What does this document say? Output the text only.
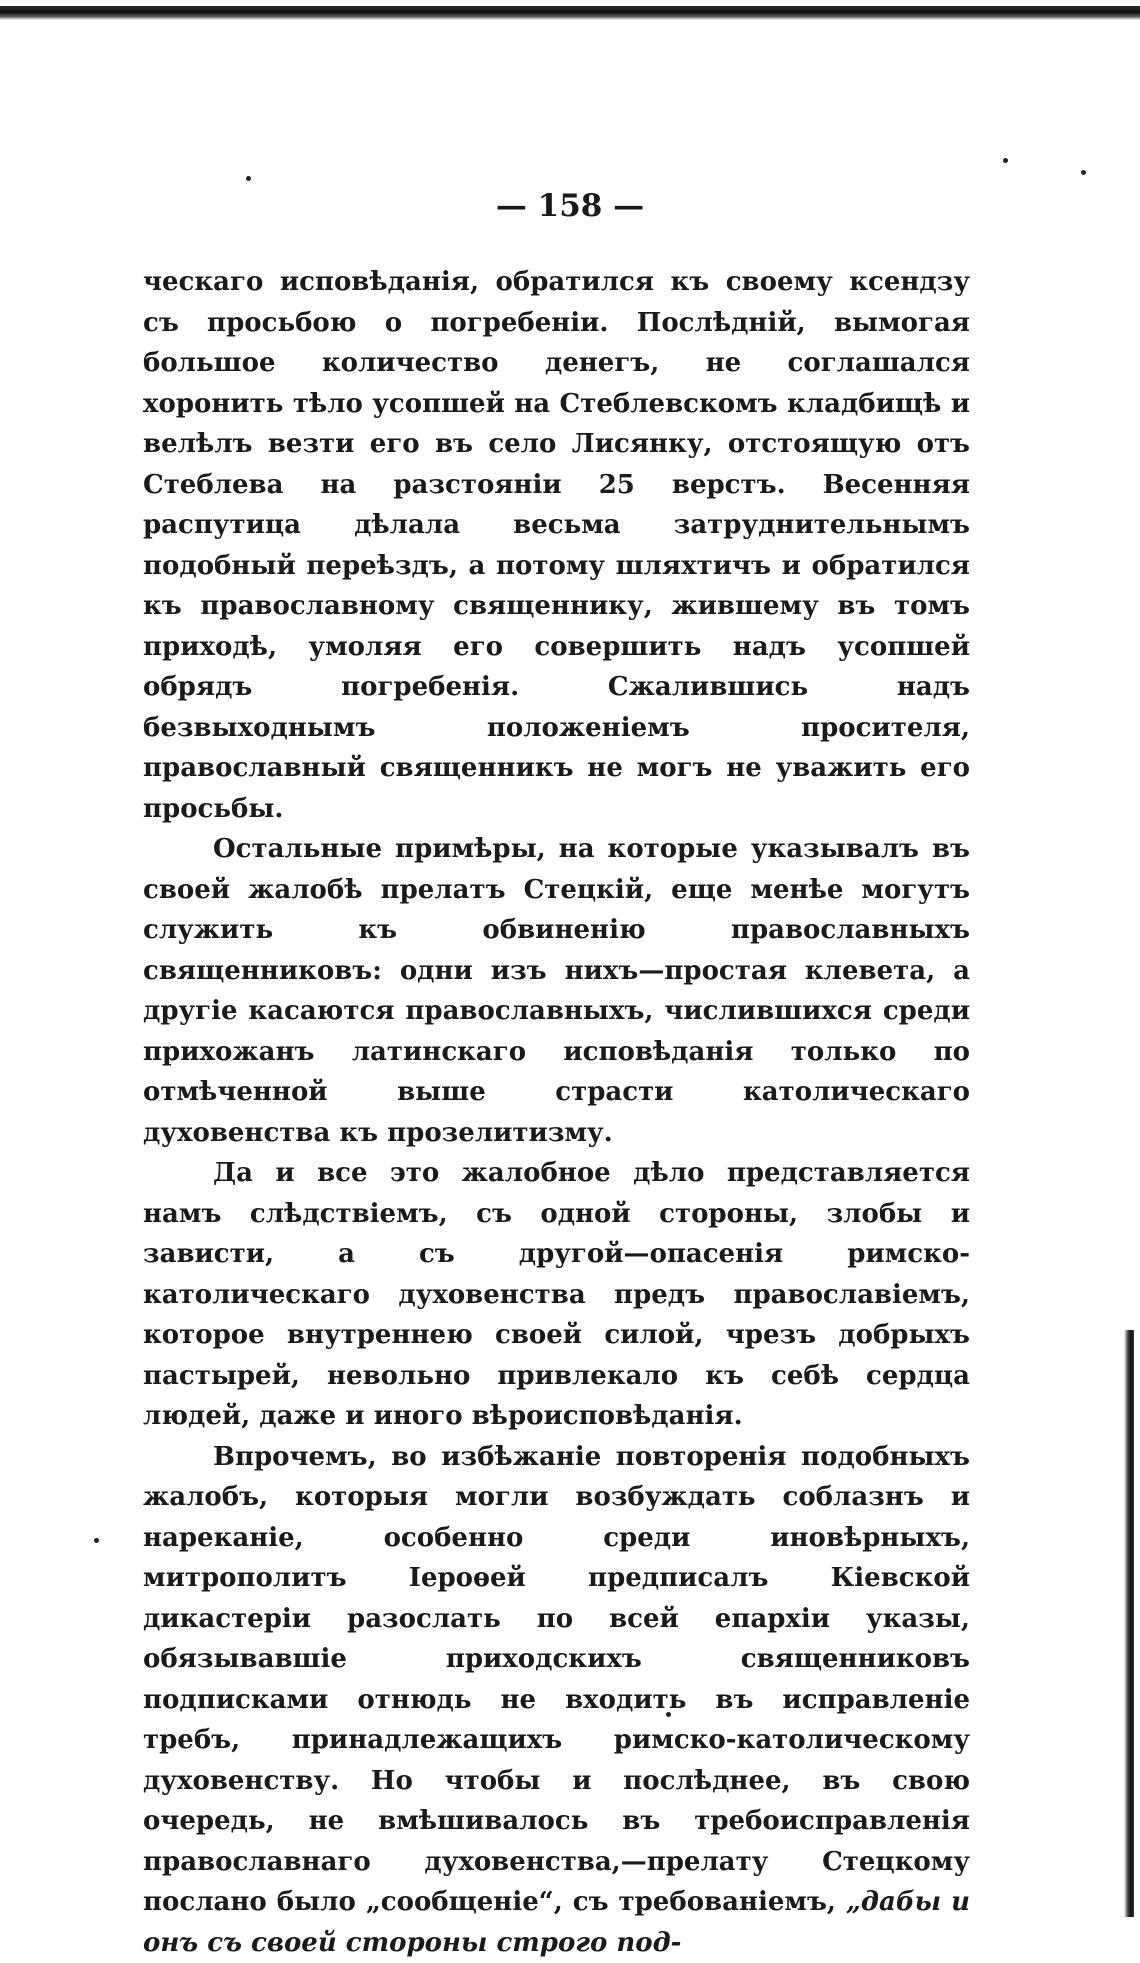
— 158 —

ческаго исповѣданія, обратился къ своему ксендзу съ просьбою о погребеніи. Послѣдній, вымогая большое количество денегъ, не соглашался хоронить тѣло усопшей на Стеблевскомъ кладбищѣ и велѣлъ везти его въ село Лисянку, отстоящую отъ Стеблева на разстояніи 25 верстъ. Весенняя распутица дѣлала весьма затруднительнымъ подобный переѣздъ, а потому шляхтичъ и обратился къ православному священнику, жившему въ томъ приходѣ, умоляя его совершить надъ усопшей обрядъ погребенія. Сжалившись надъ безвыходнымъ положеніемъ просителя, православный священникъ не могъ не уважить его просьбы.

Остальные примѣры, на которые указывалъ въ своей жалобѣ прелатъ Стецкій, еще менѣе могутъ служить къ обвиненію православныхъ священниковъ: одни изъ нихъ—простая клевета, а другіе касаются православныхъ, числившихся среди прихожанъ латинскаго исповѣданія только по отмѣченной выше страсти католическаго духовенства къ прозелитизму.

Да и все это жалобное дѣло представляется намъ слѣдствіемъ, съ одной стороны, злобы и зависти, а съ другой—опасенія римско-католическаго духовенства предъ православіемъ, которое внутреннею своей силой, чрезъ добрыхъ пастырей, невольно привлекало къ себѣ сердца людей, даже и иного вѣроисповѣданія.

Впрочемъ, во избѣжаніе повторенія подобныхъ жалобъ, которыя могли возбуждать соблазнъ и нареканіе, особенно среди иновѣрныхъ, митрополитъ Іероѳей предписалъ Кіевской дикастеріи разослать по всей епархіи указы, обязывавшіе приходскихъ священниковъ подписками отнюдь не входить въ исправленіе требъ, принадлежащихъ римско-католическому духовенству. Но чтобы и послѣднее, въ свою очередь, не вмѣшивалось въ требоисправленія православнаго духовенства,—прелату Стецкому послано было „сообщеніе“, съ требованіемъ, „дабы и онъ съ своей стороны строго под-
